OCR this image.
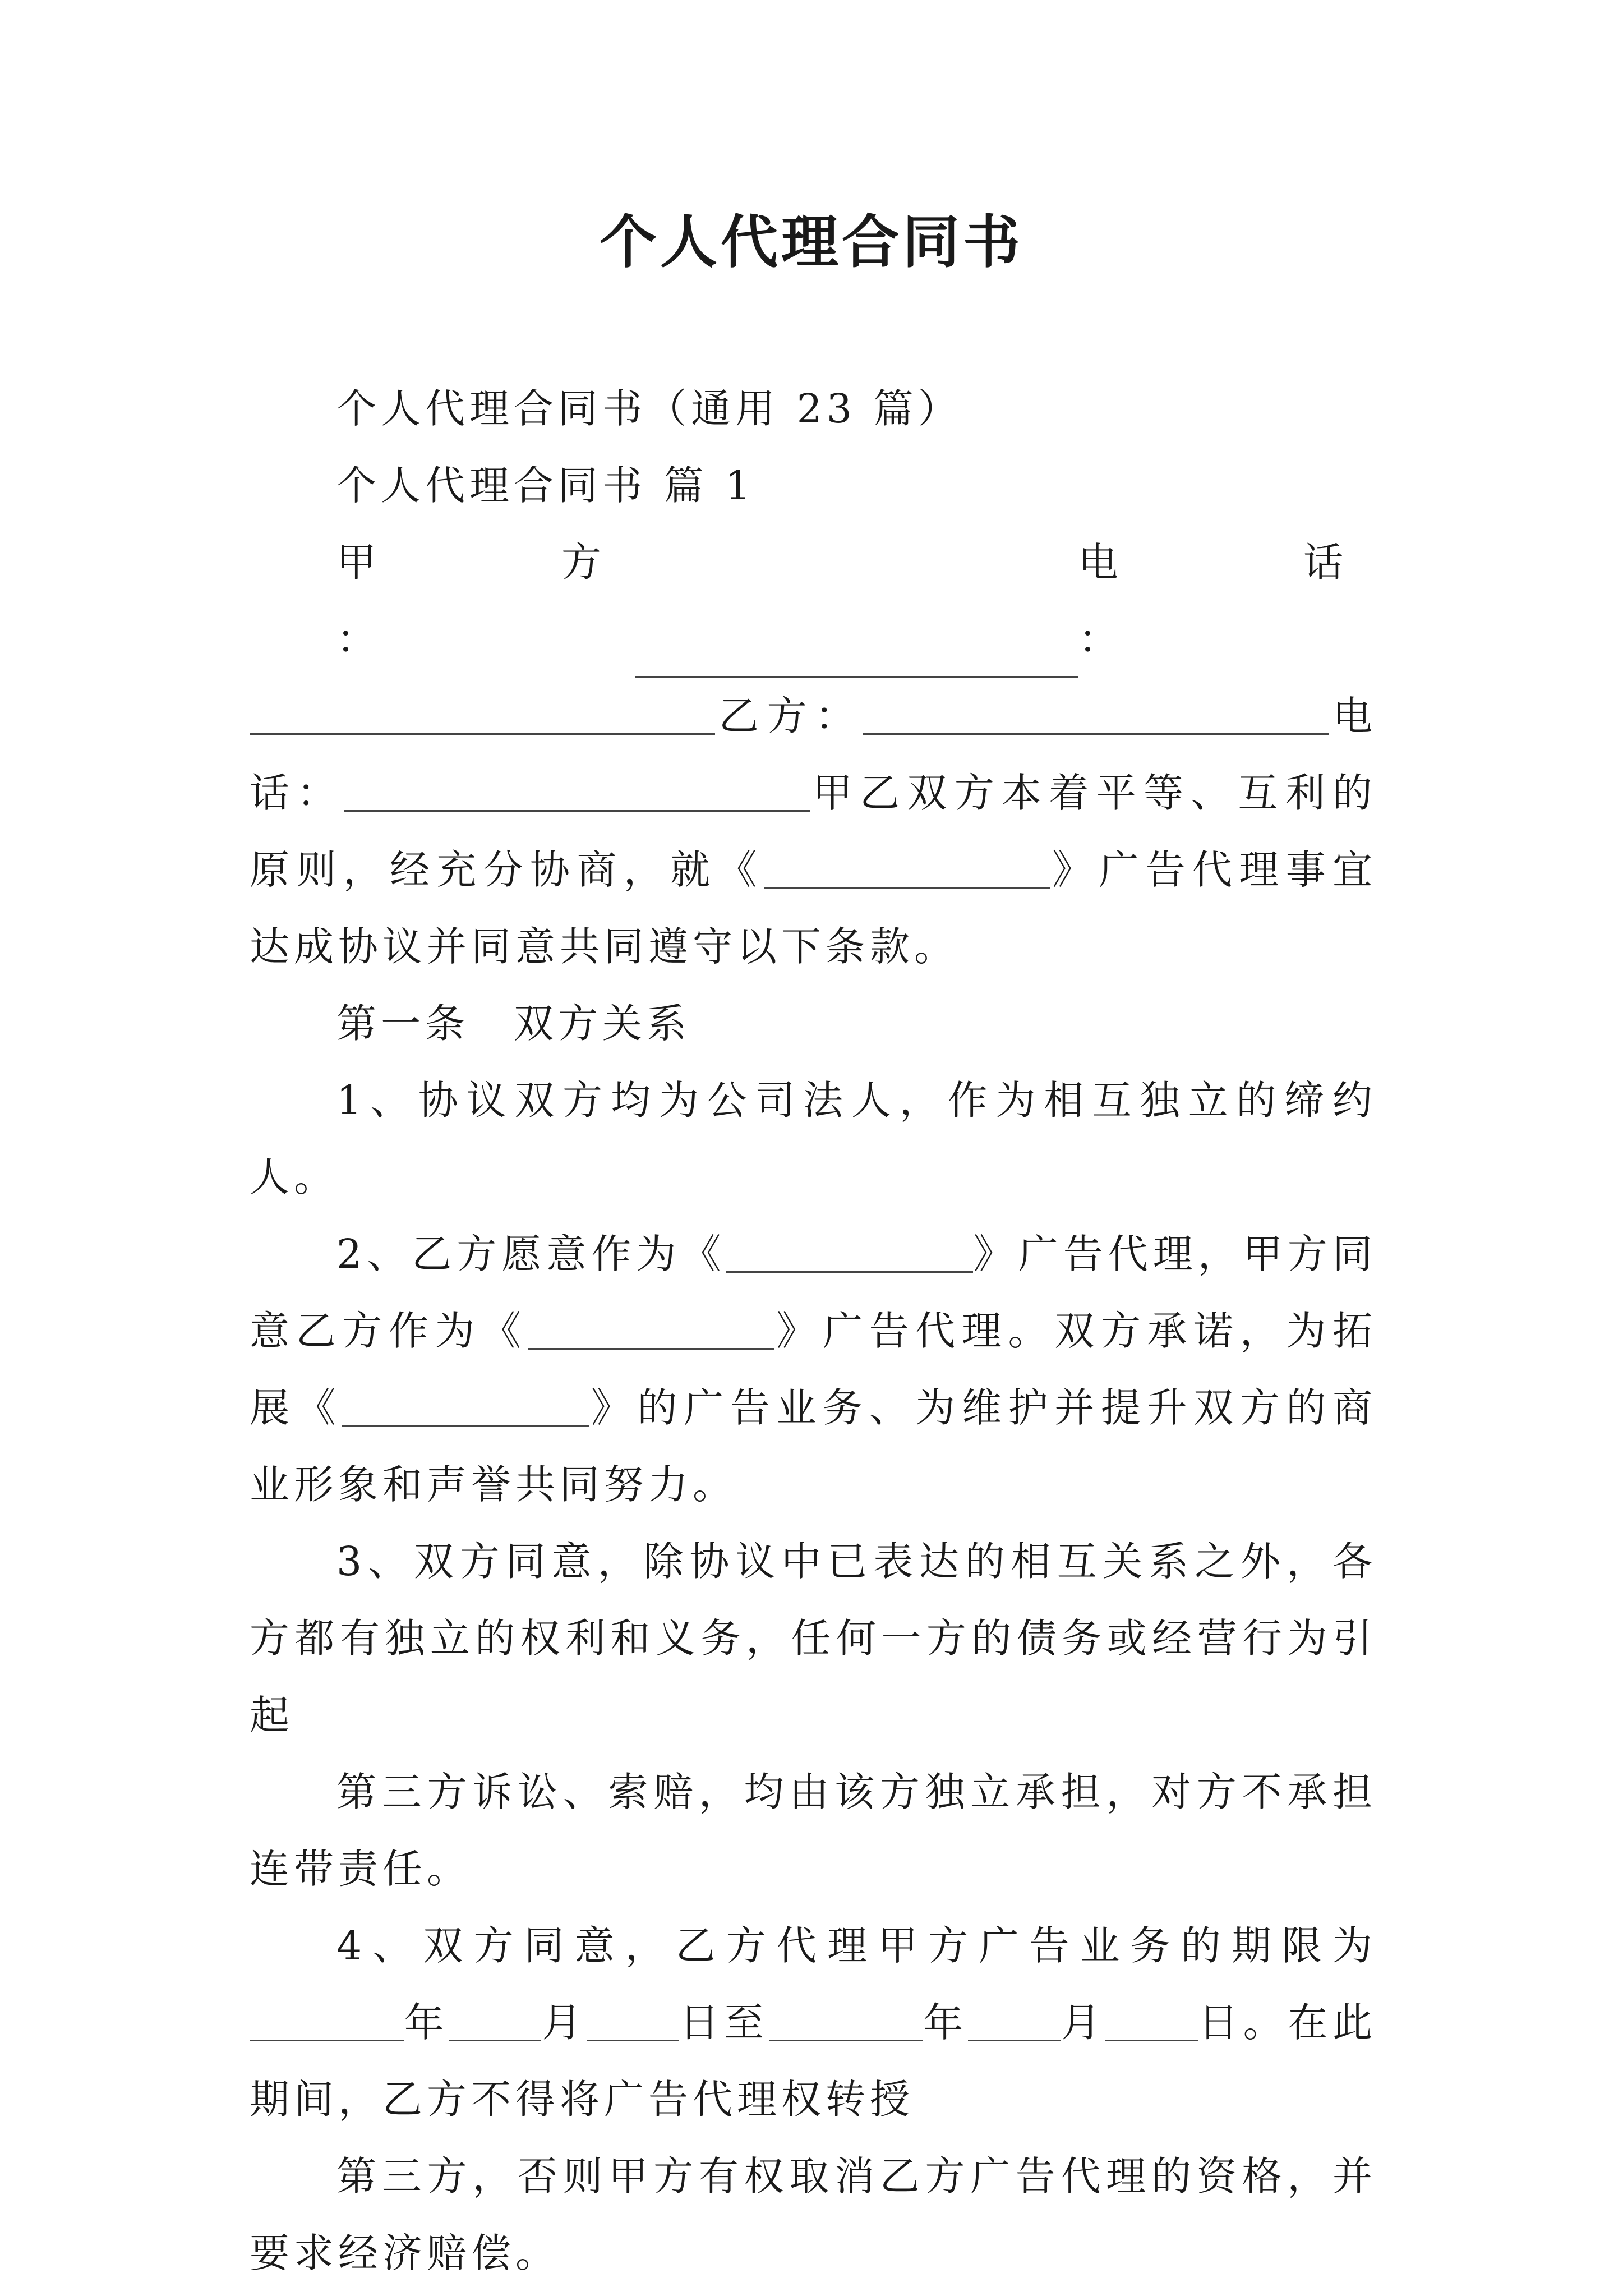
个人代理合同书

个人代理合同书（通用 23 篇）

个人代理合同书 篇 1

甲 方 ：
电 话 ：

乙方：	电话：	甲乙双方本着平等、互利的原则，经充分协商，就《	》广告代理事宜达成协议并同意共同遵守以下条款。

第一条　双方关系

1、协议双方均为公司法人，作为相互独立的缔约人。

2、乙方愿意作为《	》广告代理，甲方同意乙方作为《	》广告代理。双方承诺，为拓展《	》的广告业务、为维护并提升双方的商业形象和声誉共同努力。

3、双方同意，除协议中已表达的相互关系之外，各方都有独立的权利和义务，任何一方的债务或经营行为引起

第三方诉讼、索赔，均由该方独立承担，对方不承担连带责任。

4、双方同意，乙方代理甲方广告业务的期限为年 月 日至	年 月 日。在此期间，乙方不得将广告代理权转授

第三方，否则甲方有权取消乙方广告代理的资格，并要求经济赔偿。
